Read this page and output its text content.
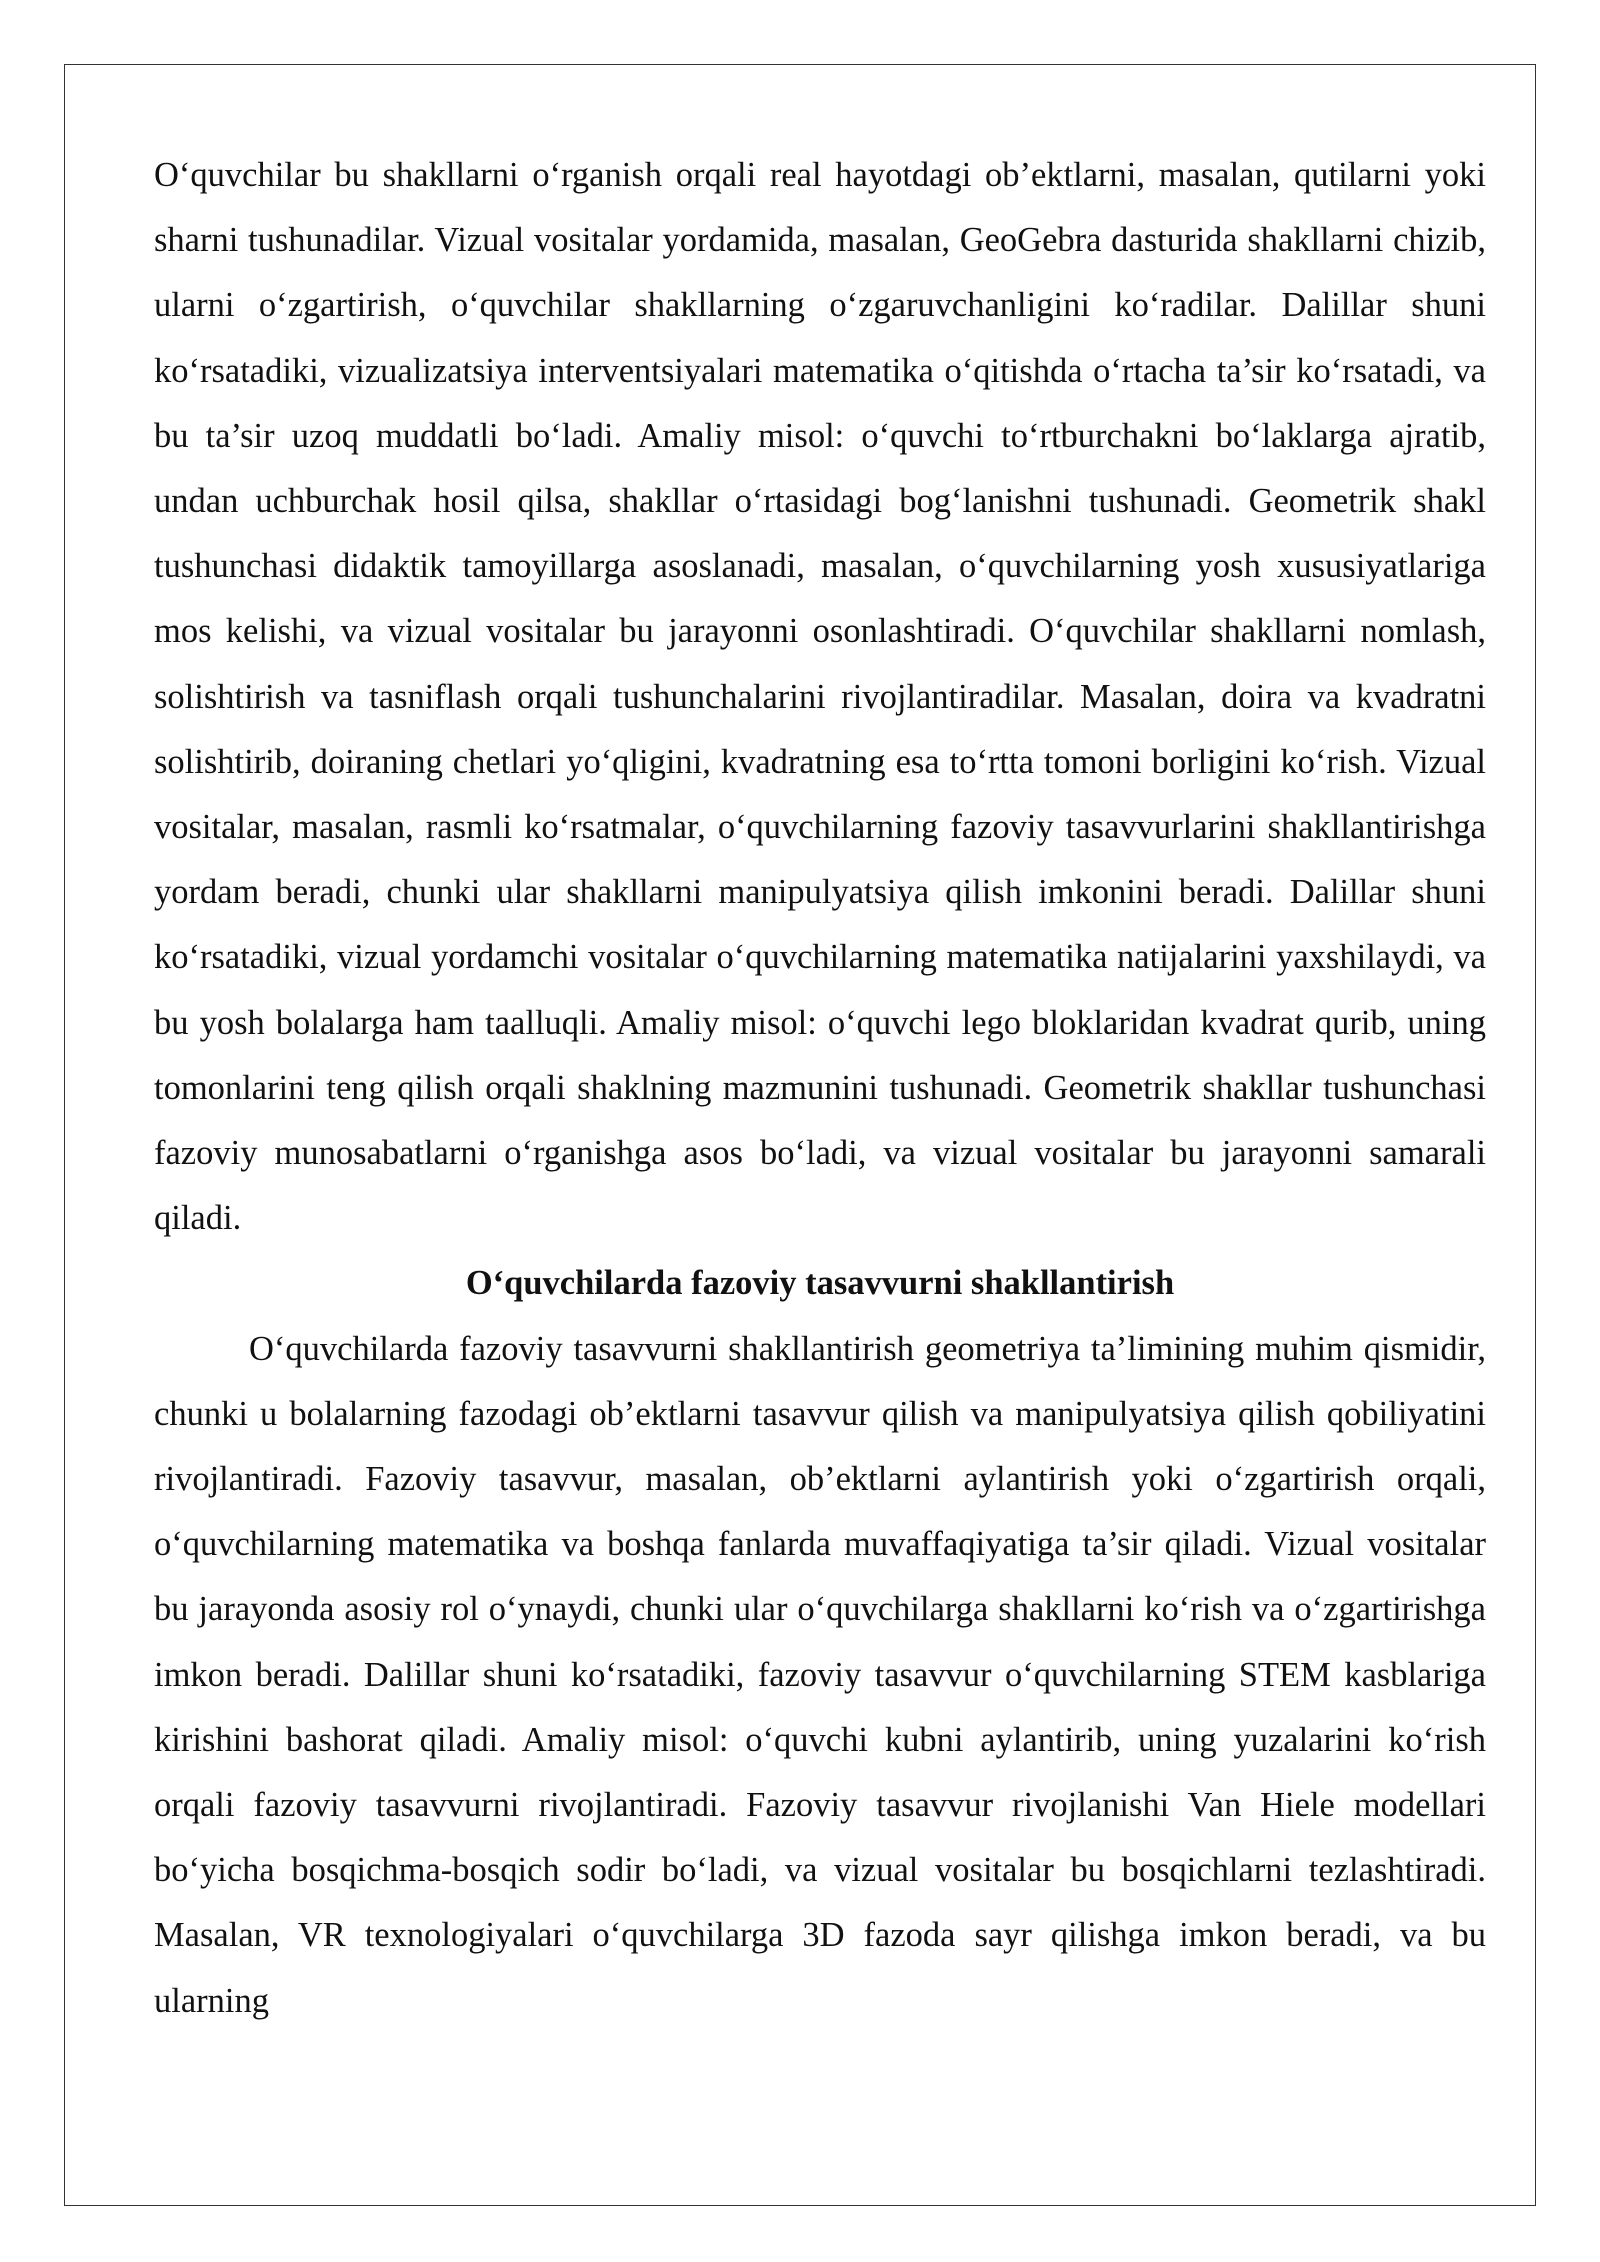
O‘quvchilar bu shakllarni o‘rganish orqali real hayotdagi ob’ektlarni, masalan, qutilarni yoki sharni tushunadilar. Vizual vositalar yordamida, masalan, GeoGebra dasturida shakllarni chizib, ularni o‘zgartirish, o‘quvchilar shakllarning o‘zgaruvchanligini ko‘radilar. Dalillar shuni ko‘rsatadiki, vizualizatsiya interventsiyalari matematika o‘qitishda o‘rtacha ta’sir ko‘rsatadi, va bu ta’sir uzoq muddatli bo‘ladi. Amaliy misol: o‘quvchi to‘rtburchakni bo‘laklarga ajratib, undan uchburchak hosil qilsa, shakllar o‘rtasidagi bog‘lanishni tushunadi. Geometrik shakl tushunchasi didaktik tamoyillarga asoslanadi, masalan, o‘quvchilarning yosh xususiyatlariga mos kelishi, va vizual vositalar bu jarayonni osonlashtiradi. O‘quvchilar shakllarni nomlash, solishtirish va tasniflash orqali tushunchalarini rivojlantiradilar. Masalan, doira va kvadratni solishtirib, doiraning chetlari yo‘qligini, kvadratning esa to‘rtta tomoni borligini ko‘rish. Vizual vositalar, masalan, rasmli ko‘rsatmalar, o‘quvchilarning fazoviy tasavvurlarini shakllantirishga yordam beradi, chunki ular shakllarni manipulyatsiya qilish imkonini beradi. Dalillar shuni ko‘rsatadiki, vizual yordamchi vositalar o‘quvchilarning matematika natijalarini yaxshilaydi, va bu yosh bolalarga ham taalluqli. Amaliy misol: o‘quvchi lego bloklaridan kvadrat qurib, uning tomonlarini teng qilish orqali shaklning mazmunini tushunadi. Geometrik shakllar tushunchasi fazoviy munosabatlarni o‘rganishga asos bo‘ladi, va vizual vositalar bu jarayonni samarali qiladi.

O‘quvchilarda fazoviy tasavvurni shakllantirish

O‘quvchilarda fazoviy tasavvurni shakllantirish geometriya ta’limining muhim qismidir, chunki u bolalarning fazodagi ob’ektlarni tasavvur qilish va manipulyatsiya qilish qobiliyatini rivojlantiradi. Fazoviy tasavvur, masalan, ob’ektlarni aylantirish yoki o‘zgartirish orqali, o‘quvchilarning matematika va boshqa fanlarda muvaffaqiyatiga ta’sir qiladi. Vizual vositalar bu jarayonda asosiy rol o‘ynaydi, chunki ular o‘quvchilarga shakllarni ko‘rish va o‘zgartirishga imkon beradi. Dalillar shuni ko‘rsatadiki, fazoviy tasavvur o‘quvchilarning STEM kasblariga kirishini bashorat qiladi. Amaliy misol: o‘quvchi kubni aylantirib, uning yuzalarini ko‘rish orqali fazoviy tasavvurni rivojlantiradi. Fazoviy tasavvur rivojlanishi Van Hiele modellari bo‘yicha bosqichma-bosqich sodir bo‘ladi, va vizual vositalar bu bosqichlarni tezlashtiradi. Masalan, VR texnologiyalari o‘quvchilarga 3D fazoda sayr qilishga imkon beradi, va bu ularning
